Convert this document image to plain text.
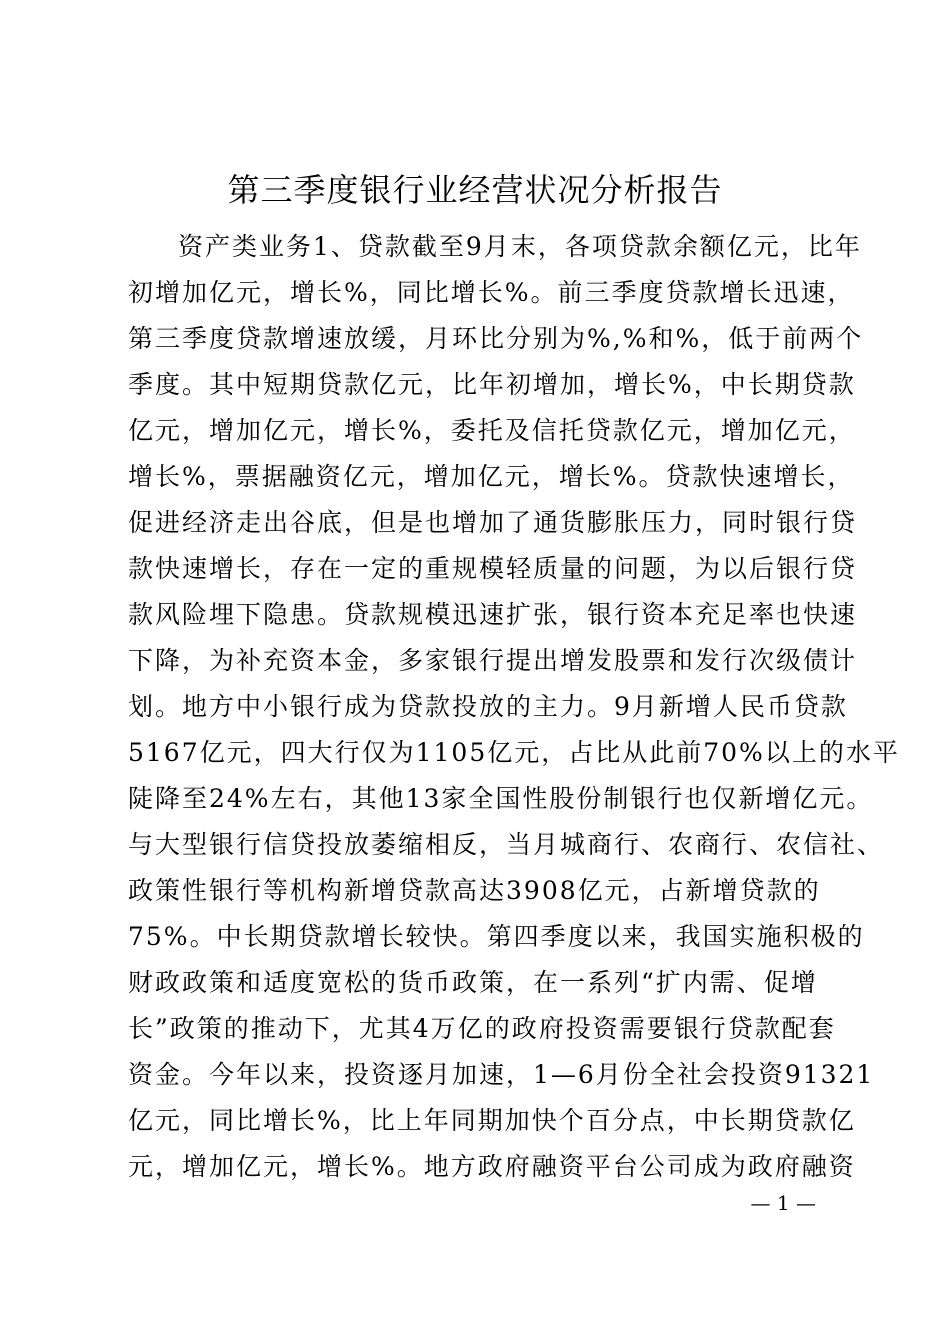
第三季度银行业经营状况分析报告
资产类业务1、贷款截至9月末，各项贷款余额亿元，比年
初增加亿元，增长%，同比增长%。前三季度贷款增长迅速，
第三季度贷款增速放缓，月环比分别为%,%和%，低于前两个
季度。其中短期贷款亿元，比年初增加，增长%，中长期贷款
亿元，增加亿元，增长%，委托及信托贷款亿元，增加亿元，
增长%，票据融资亿元，增加亿元，增长%。贷款快速增长，
促进经济走出谷底，但是也增加了通货膨胀压力，同时银行贷
款快速增长，存在一定的重规模轻质量的问题，为以后银行贷
款风险埋下隐患。贷款规模迅速扩张，银行资本充足率也快速
下降，为补充资本金，多家银行提出增发股票和发行次级债计
划。地方中小银行成为贷款投放的主力。9月新增人民币贷款
5167亿元，四大行仅为1105亿元，占比从此前70%以上的水平
陡降至24%左右，其他13家全国性股份制银行也仅新增亿元。
与大型银行信贷投放萎缩相反，当月城商行、农商行、农信社、
政策性银行等机构新增贷款高达3908亿元，占新增贷款的
75%。中长期贷款增长较快。第四季度以来，我国实施积极的
财政政策和适度宽松的货币政策，在一系列“扩内需、促增
长”政策的推动下，尤其4万亿的政府投资需要银行贷款配套
资金。今年以来，投资逐月加速，1—6月份全社会投资91321
亿元，同比增长%，比上年同期加快个百分点，中长期贷款亿
元，增加亿元，增长%。地方政府融资平台公司成为政府融资
— 1 —
